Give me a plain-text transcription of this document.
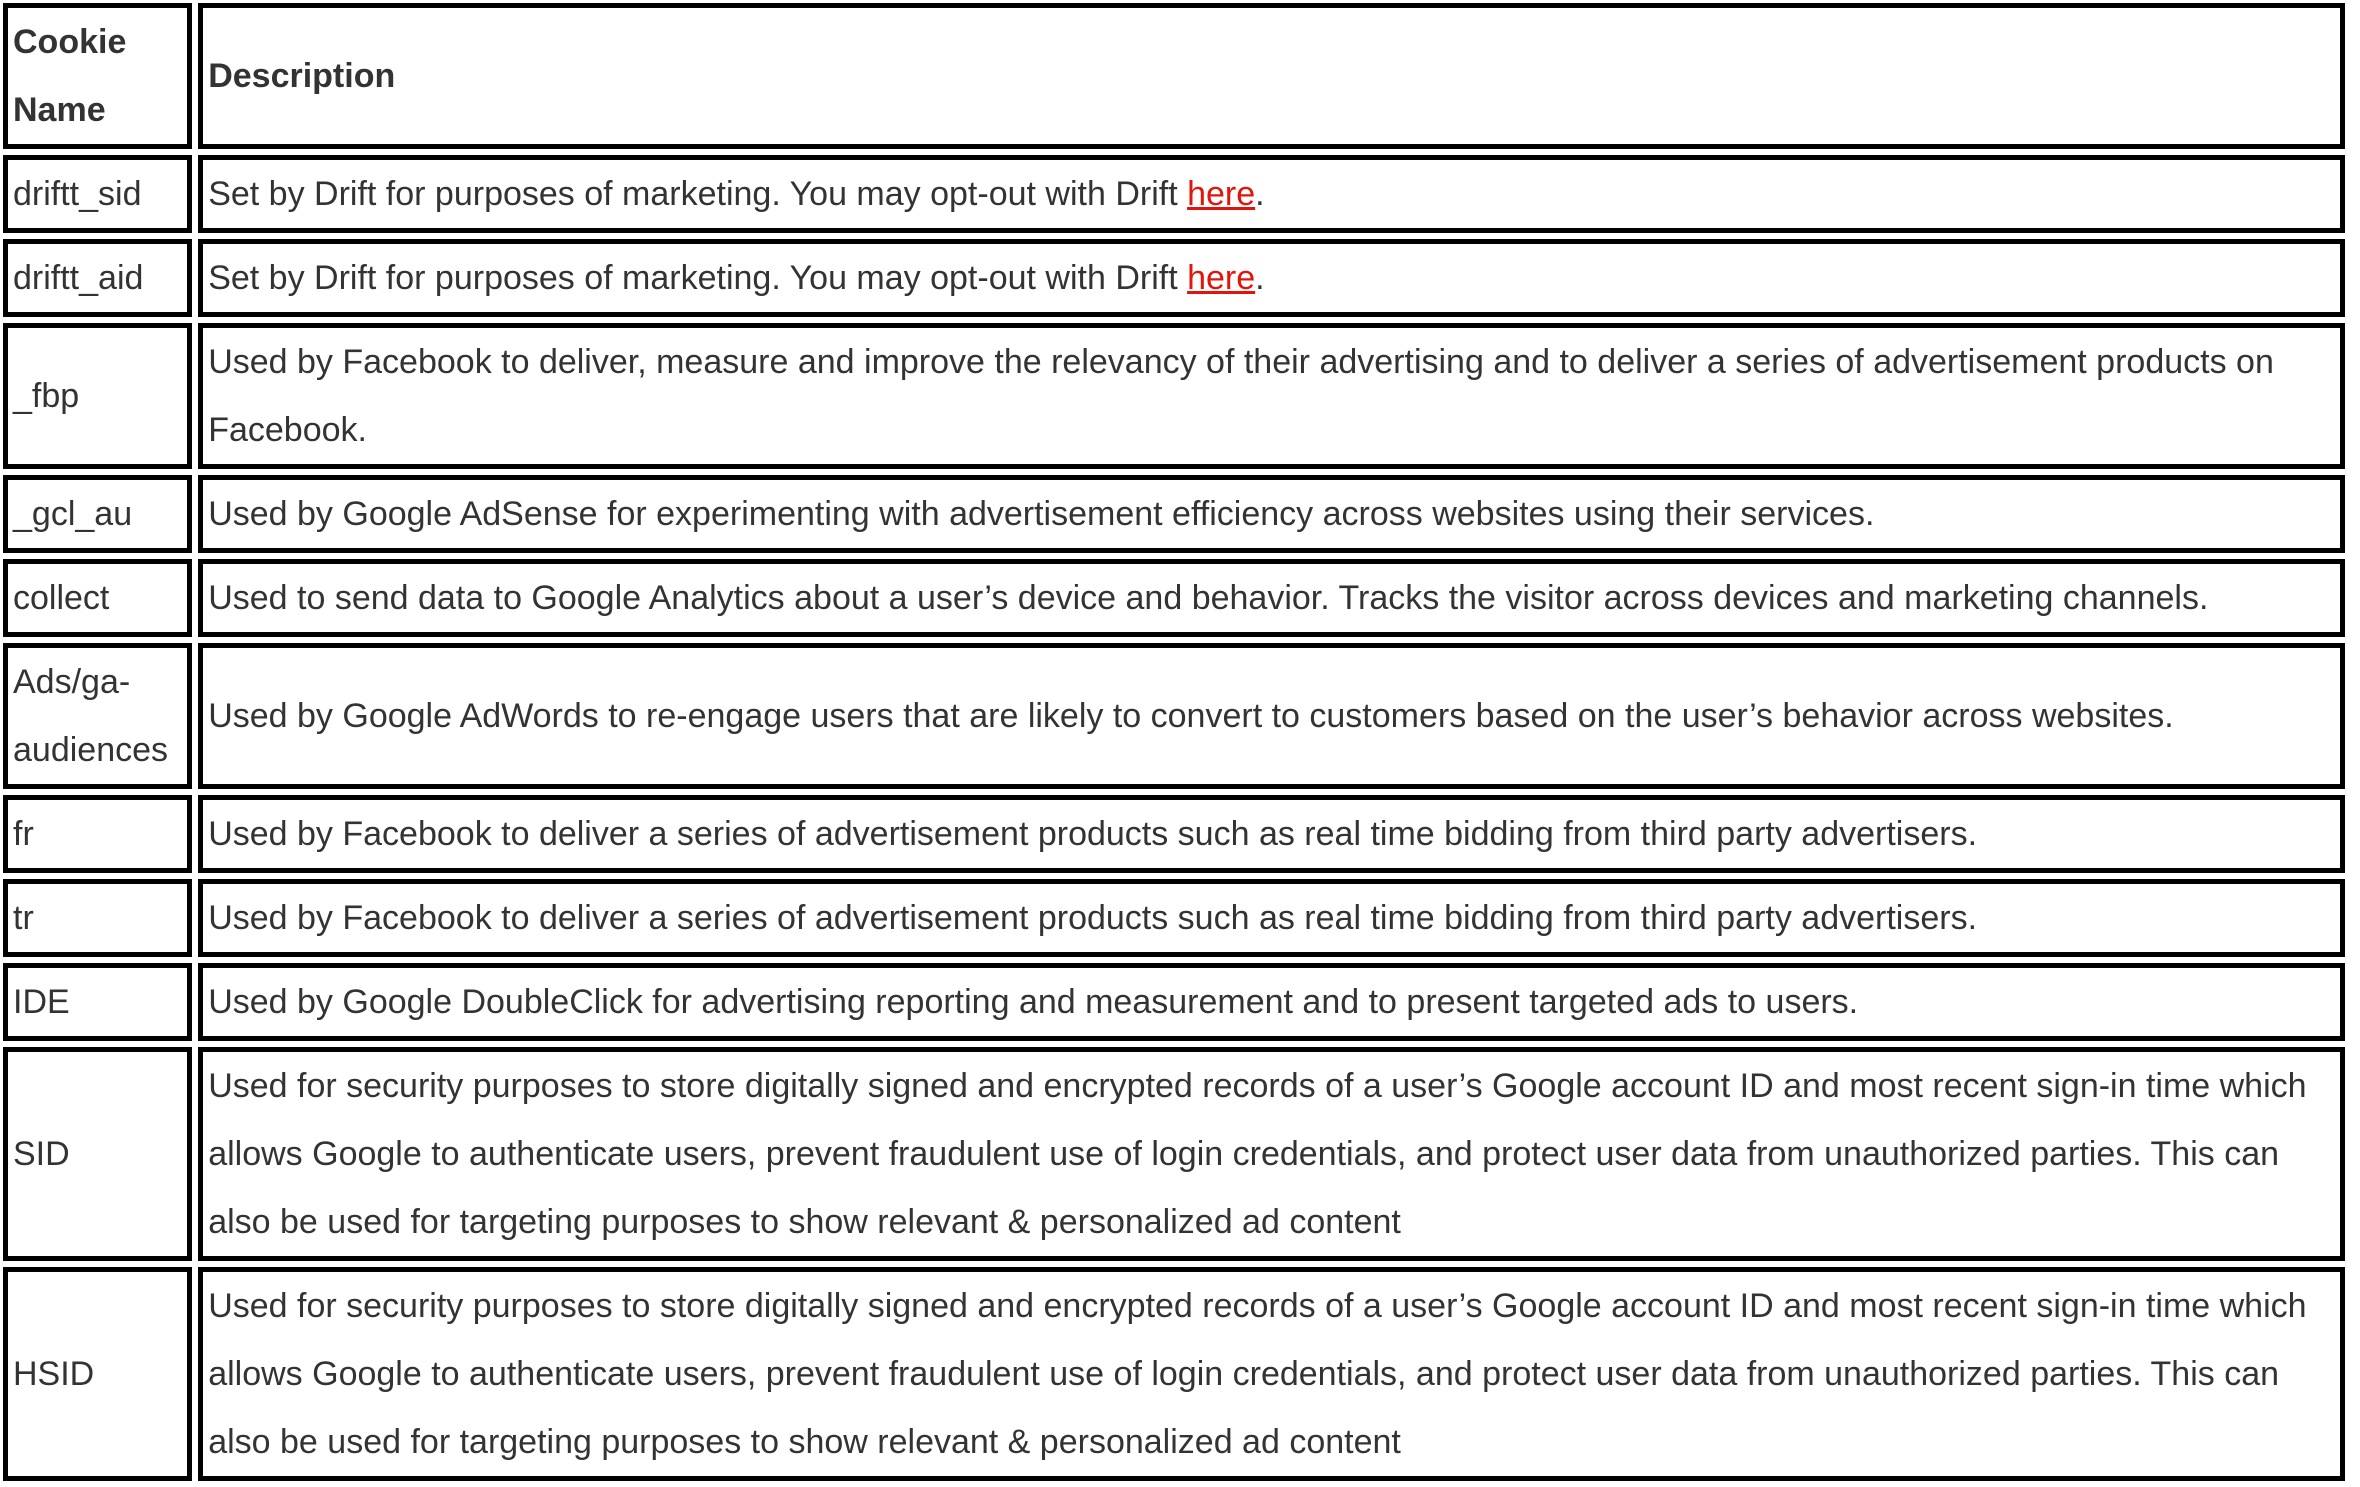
Cookie Name	Description
driftt_sid	Set by Drift for purposes of marketing. You may opt-out with Drift here.
driftt_aid	Set by Drift for purposes of marketing. You may opt-out with Drift here.
_fbp	Used by Facebook to deliver, measure and improve the relevancy of their advertising and to deliver a series of advertisement products on Facebook.
_gcl_au	Used by Google AdSense for experimenting with advertisement efficiency across websites using their services.
collect	Used to send data to Google Analytics about a user’s device and behavior. Tracks the visitor across devices and marketing channels.
Ads/ga-audiences	Used by Google AdWords to re-engage users that are likely to convert to customers based on the user’s behavior across websites.
fr	Used by Facebook to deliver a series of advertisement products such as real time bidding from third party advertisers.
tr	Used by Facebook to deliver a series of advertisement products such as real time bidding from third party advertisers.
IDE	Used by Google DoubleClick for advertising reporting and measurement and to present targeted ads to users.
SID	Used for security purposes to store digitally signed and encrypted records of a user’s Google account ID and most recent sign-in time which allows Google to authenticate users, prevent fraudulent use of login credentials, and protect user data from unauthorized parties. This can also be used for targeting purposes to show relevant & personalized ad content
HSID	Used for security purposes to store digitally signed and encrypted records of a user’s Google account ID and most recent sign-in time which allows Google to authenticate users, prevent fraudulent use of login credentials, and protect user data from unauthorized parties. This can also be used for targeting purposes to show relevant & personalized ad content
